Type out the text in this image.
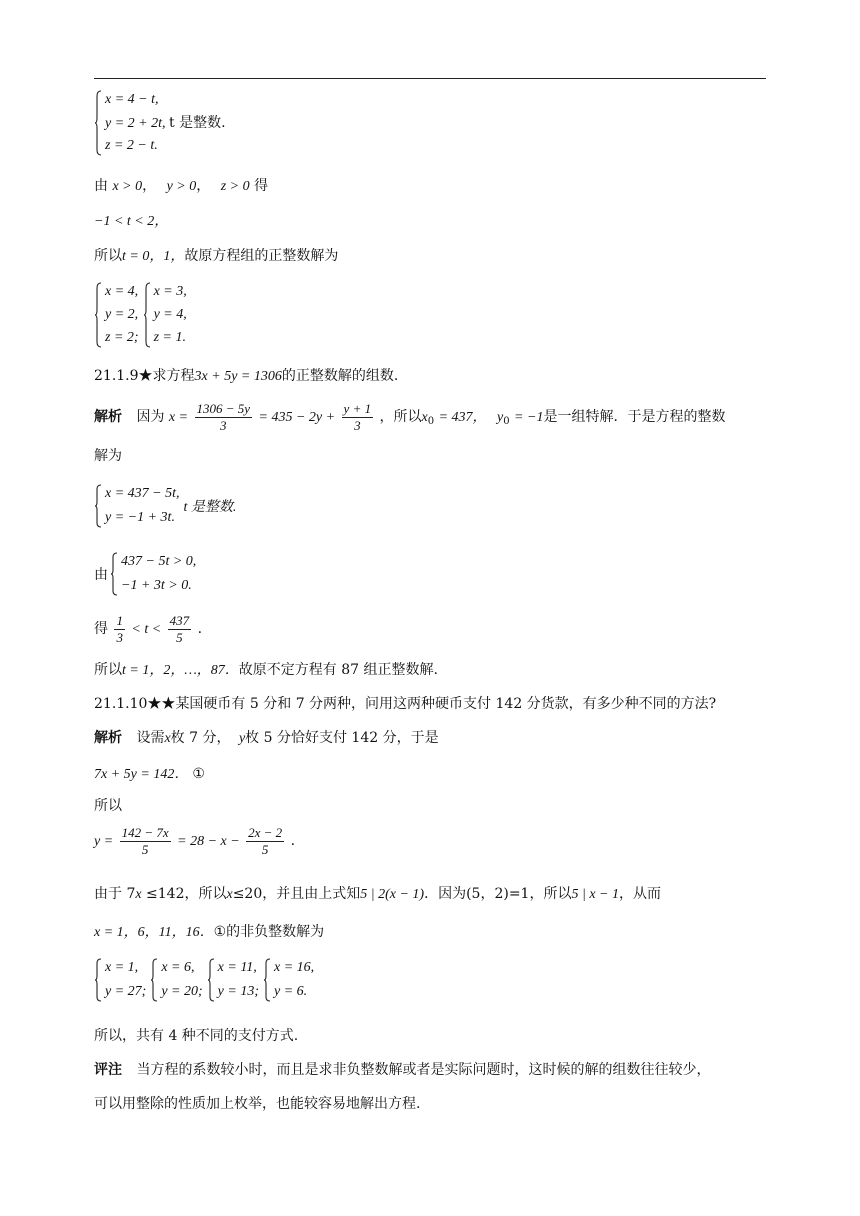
x = 4 − t,
y = 2 + 2t, t 是整数.
z = 2 − t.
由 x > 0， y > 0， z > 0 得
−1 < t < 2，
所以t = 0，1，故原方程组的正整数解为
x = 4,
y = 2,
z = 2;
x = 3,
y = 4,
z = 1.
21.1.9★求方程3x + 5y = 1306的正整数解的组数.
解析 因为 $x = \frac{1306 - 5y}{3} = 435 - 2y + \frac{y + 1}{3}$ ，所以$x_0 = 437$， $y_0 = -1$是一组特解．于是方程的整数
解为
x = 437 − 5t,
y = −1 + 3t.
t 是整数.
由
437 − 5t > 0,
−1 + 3t > 0.
得 $\frac{1}{3} < t < \frac{437}{5}$ .
所以t = 1，2，…，87．故原不定方程有 87 组正整数解.
21.1.10★★某国硬币有 5 分和 7 分两种，问用这两种硬币支付 142 分货款，有多少种不同的方法?
解析 设需x枚 7 分， y枚 5 分恰好支付 142 分，于是
7x + 5y = 142． ①
所以
$y = \frac{142 - 7x}{5} = 28 - x - \frac{2x - 2}{5}$ .
由于 7x ≤142，所以x≤20，并且由上式知5 | 2(x − 1)．因为(5，2)=1，所以5 | x − 1，从而
x = 1，6，11，16．①的非负整数解为
x = 1,
y = 27;
x = 6,
y = 20;
x = 11,
y = 13;
x = 16,
y = 6.
所以，共有 4 种不同的支付方式.
评注 当方程的系数较小时，而且是求非负整数解或者是实际问题时，这时候的解的组数往往较少，
可以用整除的性质加上枚举，也能较容易地解出方程.
